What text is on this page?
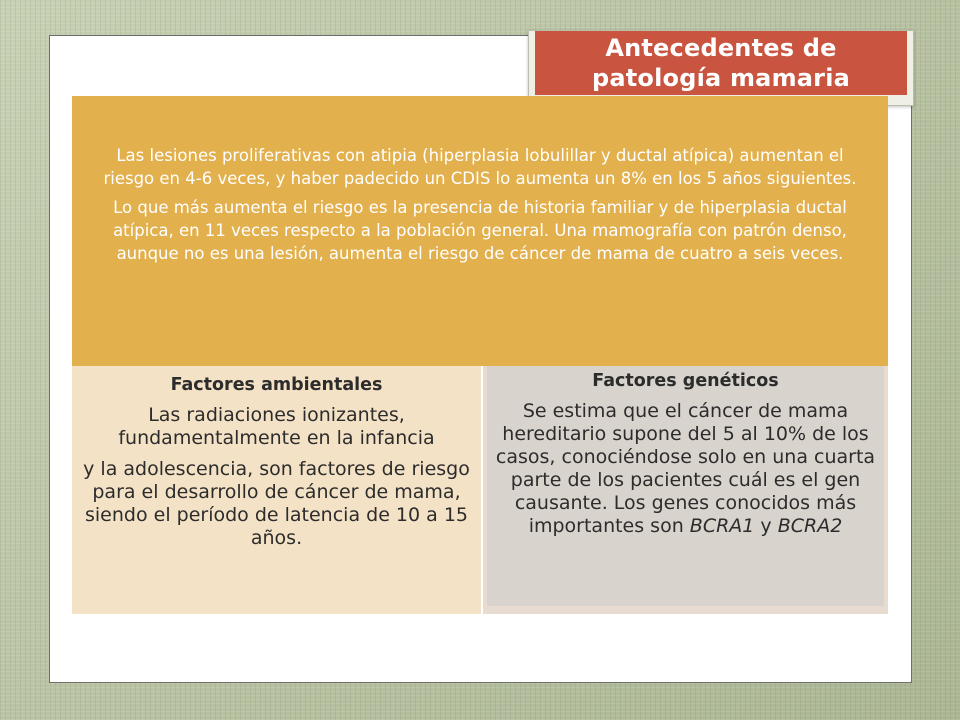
Antecedentes de
patología mamaria

Las lesiones proliferativas con atipia (hiperplasia lobulillar y ductal atípica) aumentan el riesgo en 4-6 veces, y haber padecido un CDIS lo aumenta un 8% en los 5 años siguientes.

Lo que más aumenta el riesgo es la presencia de historia familiar y de hiperplasia ductal atípica, en 11 veces respecto a la población general. Una mamografía con patrón denso, aunque no es una lesión, aumenta el riesgo de cáncer de mama de cuatro a seis veces.

Factores ambientales

Las radiaciones ionizantes, fundamentalmente en la infancia

y la adolescencia, son factores de riesgo para el desarrollo de cáncer de mama, siendo el período de latencia de 10 a 15 años.

Factores genéticos

Se estima que el cáncer de mama hereditario supone del 5 al 10% de los casos, conociéndose solo en una cuarta parte de los pacientes cuál es el gen causante. Los genes conocidos más importantes son BCRA1 y BCRA2
